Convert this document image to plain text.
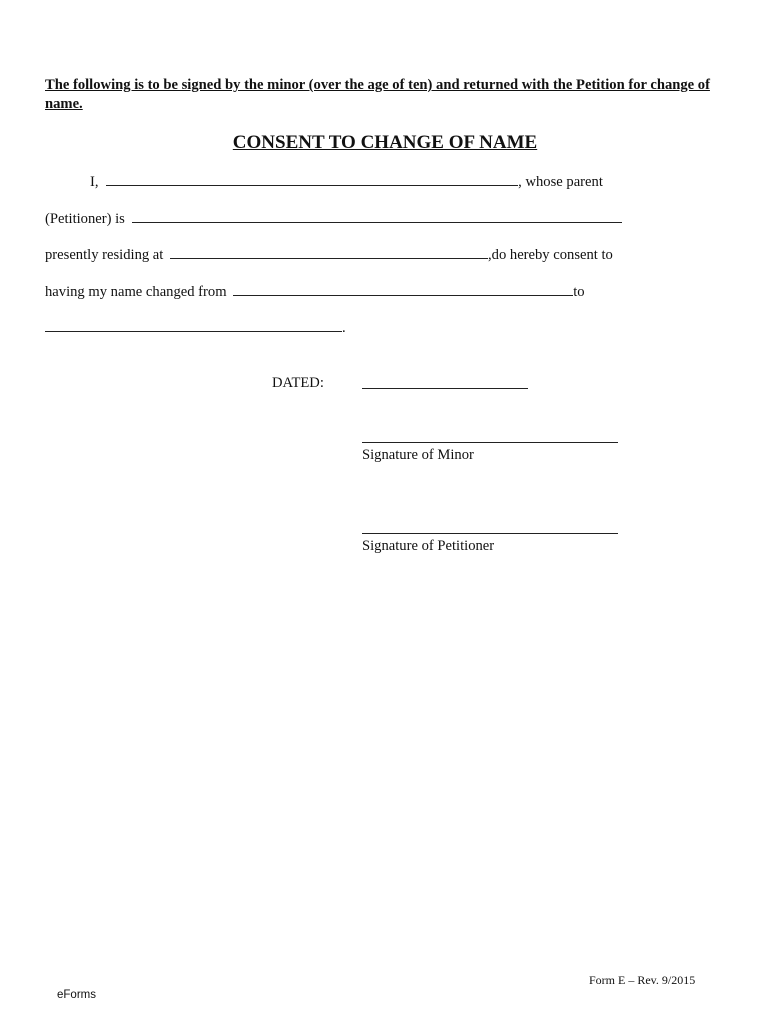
The following is to be signed by the minor (over the age of ten) and returned with the Petition for change of name.
CONSENT TO CHANGE OF NAME
I,	, whose parent
(Petitioner) is
presently residing at	,do hereby consent to
having my name changed from	to
.
DATED:
Signature of Minor
Signature of Petitioner
Form E – Rev. 9/2015
eForms
